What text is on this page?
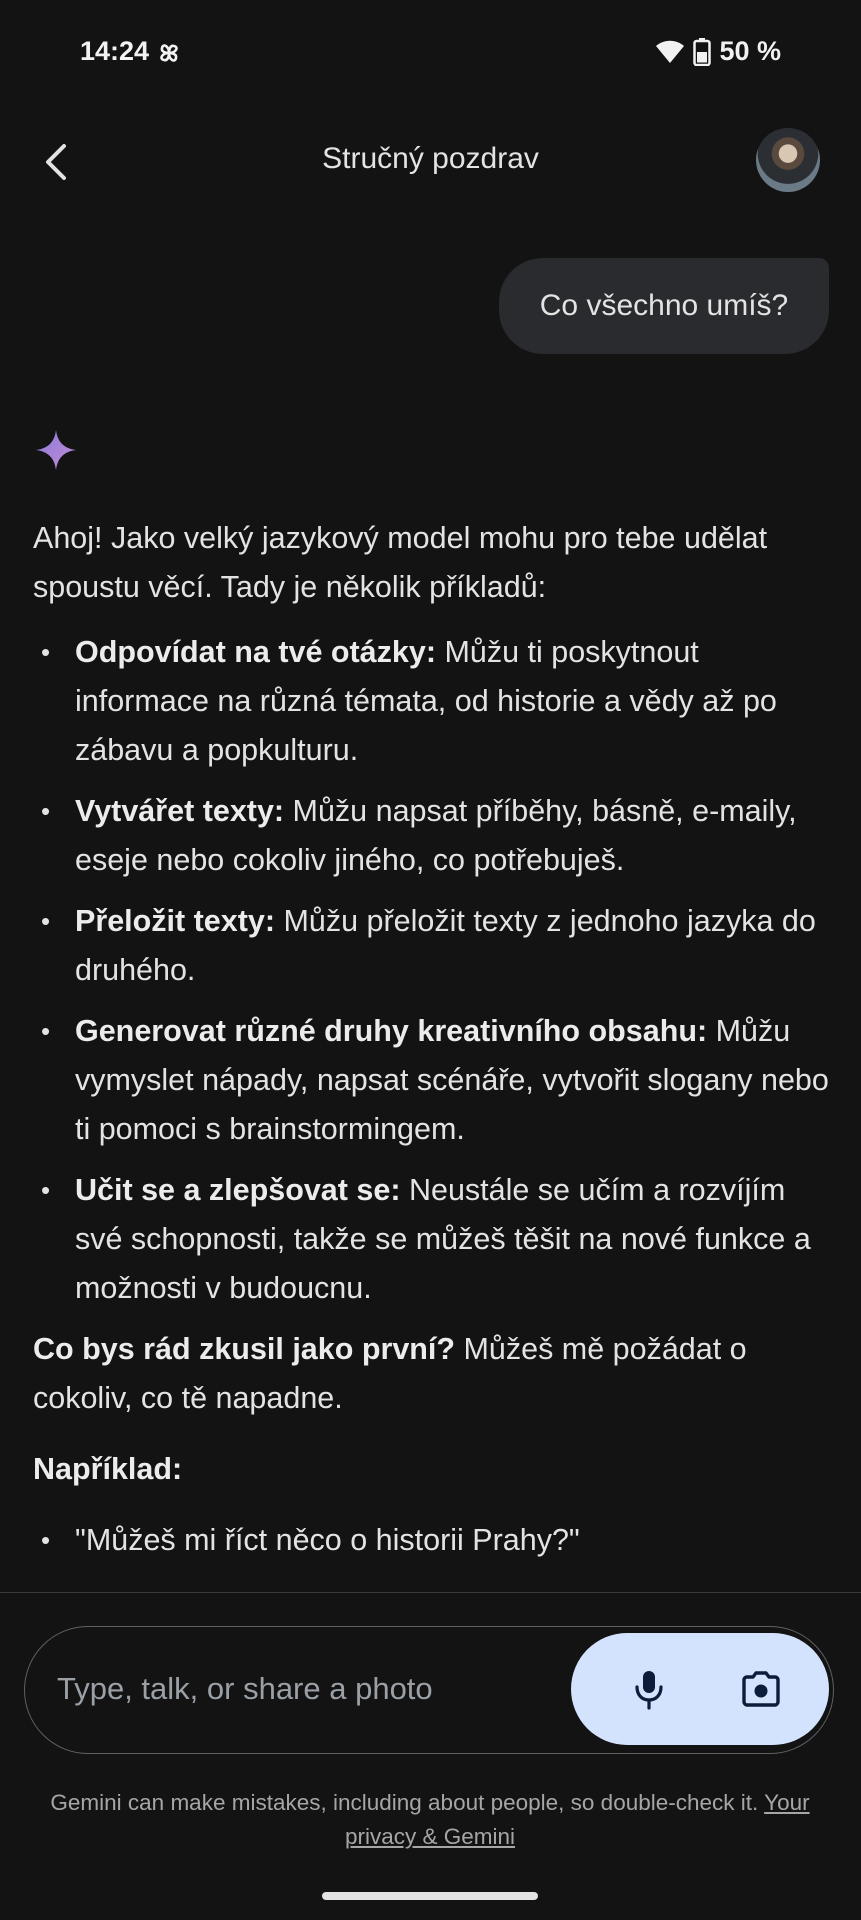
14:24	50 %
Stručný pozdrav
Co všechno umíš?

Ahoj! Jako velký jazykový model mohu pro tebe udělat spoustu věcí. Tady je několik příkladů:

• Odpovídat na tvé otázky: Můžu ti poskytnout informace na různá témata, od historie a vědy až po zábavu a popkulturu.
• Vytvářet texty: Můžu napsat příběhy, básně, e-maily, eseje nebo cokoliv jiného, co potřebuješ.
• Přeložit texty: Můžu přeložit texty z jednoho jazyka do druhého.
• Generovat různé druhy kreativního obsahu: Můžu vymyslet nápady, napsat scénáře, vytvořit slogany nebo ti pomoci s brainstormingem.
• Učit se a zlepšovat se: Neustále se učím a rozvíjím své schopnosti, takže se můžeš těšit na nové funkce a možnosti v budoucnu.

Co bys rád zkusil jako první? Můžeš mě požádat o cokoliv, co tě napadne.

Například:

• "Můžeš mi říct něco o historii Prahy?"
Type, talk, or share a photo
Gemini can make mistakes, including about people, so double-check it. Your privacy & Gemini
